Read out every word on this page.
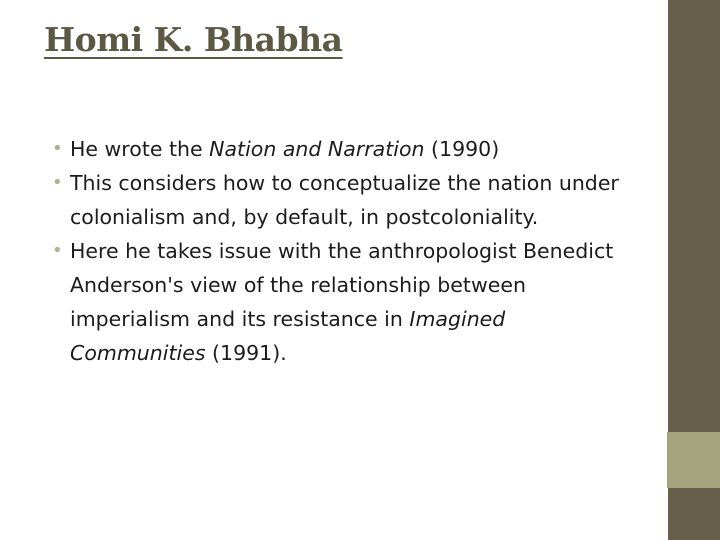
Homi K. Bhabha
• He wrote the Nation and Narration (1990)
• This considers how to conceptualize the nation under colonialism and, by default, in postcoloniality.
• Here he takes issue with the anthropologist Benedict Anderson's view of the relationship between imperialism and its resistance in Imagined Communities (1991).
